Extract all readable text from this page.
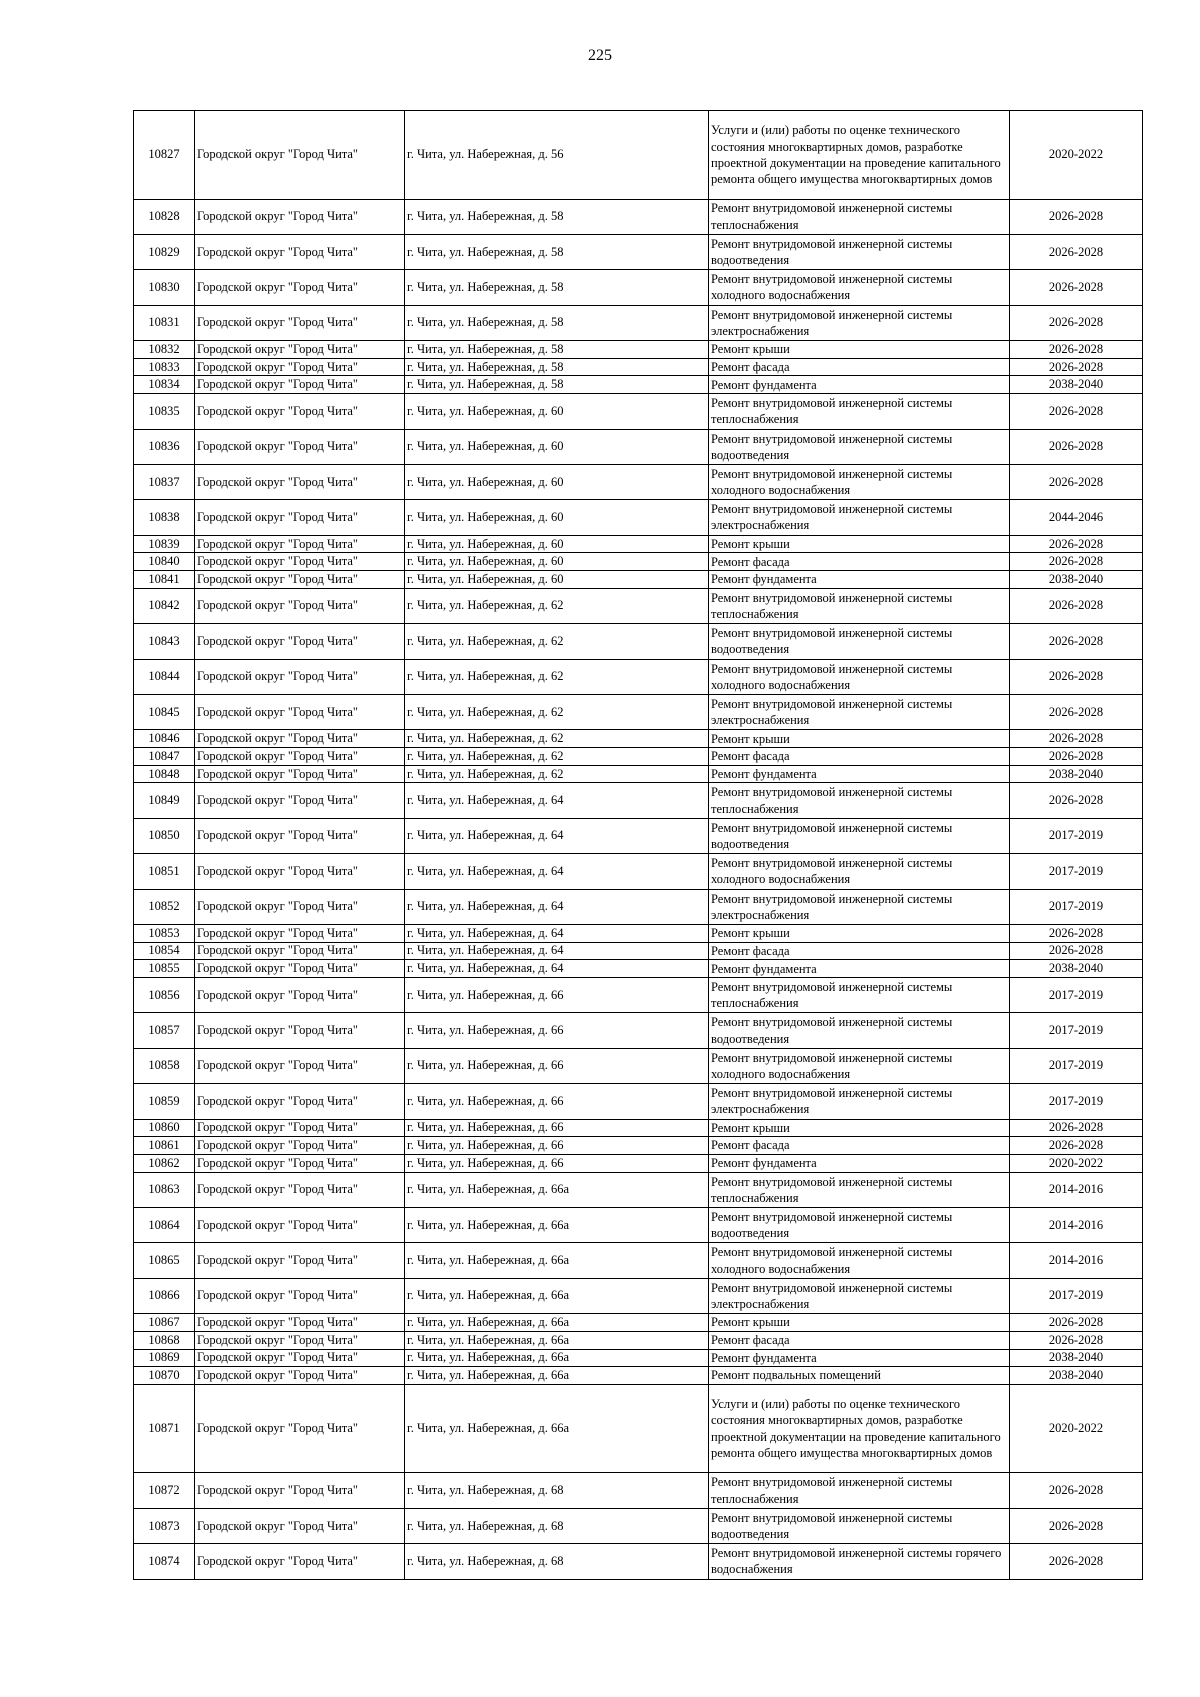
225
10827	Городской округ "Город Чита"	г. Чита, ул. Набережная, д. 56	Услуги и (или) работы по оценке технического состояния многоквартирных домов, разработке проектной документации на проведение капитального ремонта общего имущества многоквартирных домов	2020-2022
10828	Городской округ "Город Чита"	г. Чита, ул. Набережная, д. 58	Ремонт внутридомовой инженерной системы теплоснабжения	2026-2028
10829	Городской округ "Город Чита"	г. Чита, ул. Набережная, д. 58	Ремонт внутридомовой инженерной системы водоотведения	2026-2028
10830	Городской округ "Город Чита"	г. Чита, ул. Набережная, д. 58	Ремонт внутридомовой инженерной системы холодного водоснабжения	2026-2028
10831	Городской округ "Город Чита"	г. Чита, ул. Набережная, д. 58	Ремонт внутридомовой инженерной системы электроснабжения	2026-2028
10832	Городской округ "Город Чита"	г. Чита, ул. Набережная, д. 58	Ремонт крыши	2026-2028
10833	Городской округ "Город Чита"	г. Чита, ул. Набережная, д. 58	Ремонт фасада	2026-2028
10834	Городской округ "Город Чита"	г. Чита, ул. Набережная, д. 58	Ремонт фундамента	2038-2040
10835	Городской округ "Город Чита"	г. Чита, ул. Набережная, д. 60	Ремонт внутридомовой инженерной системы теплоснабжения	2026-2028
10836	Городской округ "Город Чита"	г. Чита, ул. Набережная, д. 60	Ремонт внутридомовой инженерной системы водоотведения	2026-2028
10837	Городской округ "Город Чита"	г. Чита, ул. Набережная, д. 60	Ремонт внутридомовой инженерной системы холодного водоснабжения	2026-2028
10838	Городской округ "Город Чита"	г. Чита, ул. Набережная, д. 60	Ремонт внутридомовой инженерной системы электроснабжения	2044-2046
10839	Городской округ "Город Чита"	г. Чита, ул. Набережная, д. 60	Ремонт крыши	2026-2028
10840	Городской округ "Город Чита"	г. Чита, ул. Набережная, д. 60	Ремонт фасада	2026-2028
10841	Городской округ "Город Чита"	г. Чита, ул. Набережная, д. 60	Ремонт фундамента	2038-2040
10842	Городской округ "Город Чита"	г. Чита, ул. Набережная, д. 62	Ремонт внутридомовой инженерной системы теплоснабжения	2026-2028
10843	Городской округ "Город Чита"	г. Чита, ул. Набережная, д. 62	Ремонт внутридомовой инженерной системы водоотведения	2026-2028
10844	Городской округ "Город Чита"	г. Чита, ул. Набережная, д. 62	Ремонт внутридомовой инженерной системы холодного водоснабжения	2026-2028
10845	Городской округ "Город Чита"	г. Чита, ул. Набережная, д. 62	Ремонт внутридомовой инженерной системы электроснабжения	2026-2028
10846	Городской округ "Город Чита"	г. Чита, ул. Набережная, д. 62	Ремонт крыши	2026-2028
10847	Городской округ "Город Чита"	г. Чита, ул. Набережная, д. 62	Ремонт фасада	2026-2028
10848	Городской округ "Город Чита"	г. Чита, ул. Набережная, д. 62	Ремонт фундамента	2038-2040
10849	Городской округ "Город Чита"	г. Чита, ул. Набережная, д. 64	Ремонт внутридомовой инженерной системы теплоснабжения	2026-2028
10850	Городской округ "Город Чита"	г. Чита, ул. Набережная, д. 64	Ремонт внутридомовой инженерной системы водоотведения	2017-2019
10851	Городской округ "Город Чита"	г. Чита, ул. Набережная, д. 64	Ремонт внутридомовой инженерной системы холодного водоснабжения	2017-2019
10852	Городской округ "Город Чита"	г. Чита, ул. Набережная, д. 64	Ремонт внутридомовой инженерной системы электроснабжения	2017-2019
10853	Городской округ "Город Чита"	г. Чита, ул. Набережная, д. 64	Ремонт крыши	2026-2028
10854	Городской округ "Город Чита"	г. Чита, ул. Набережная, д. 64	Ремонт фасада	2026-2028
10855	Городской округ "Город Чита"	г. Чита, ул. Набережная, д. 64	Ремонт фундамента	2038-2040
10856	Городской округ "Город Чита"	г. Чита, ул. Набережная, д. 66	Ремонт внутридомовой инженерной системы теплоснабжения	2017-2019
10857	Городской округ "Город Чита"	г. Чита, ул. Набережная, д. 66	Ремонт внутридомовой инженерной системы водоотведения	2017-2019
10858	Городской округ "Город Чита"	г. Чита, ул. Набережная, д. 66	Ремонт внутридомовой инженерной системы холодного водоснабжения	2017-2019
10859	Городской округ "Город Чита"	г. Чита, ул. Набережная, д. 66	Ремонт внутридомовой инженерной системы электроснабжения	2017-2019
10860	Городской округ "Город Чита"	г. Чита, ул. Набережная, д. 66	Ремонт крыши	2026-2028
10861	Городской округ "Город Чита"	г. Чита, ул. Набережная, д. 66	Ремонт фасада	2026-2028
10862	Городской округ "Город Чита"	г. Чита, ул. Набережная, д. 66	Ремонт фундамента	2020-2022
10863	Городской округ "Город Чита"	г. Чита, ул. Набережная, д. 66а	Ремонт внутридомовой инженерной системы теплоснабжения	2014-2016
10864	Городской округ "Город Чита"	г. Чита, ул. Набережная, д. 66а	Ремонт внутридомовой инженерной системы водоотведения	2014-2016
10865	Городской округ "Город Чита"	г. Чита, ул. Набережная, д. 66а	Ремонт внутридомовой инженерной системы холодного водоснабжения	2014-2016
10866	Городской округ "Город Чита"	г. Чита, ул. Набережная, д. 66а	Ремонт внутридомовой инженерной системы электроснабжения	2017-2019
10867	Городской округ "Город Чита"	г. Чита, ул. Набережная, д. 66а	Ремонт крыши	2026-2028
10868	Городской округ "Город Чита"	г. Чита, ул. Набережная, д. 66а	Ремонт фасада	2026-2028
10869	Городской округ "Город Чита"	г. Чита, ул. Набережная, д. 66а	Ремонт фундамента	2038-2040
10870	Городской округ "Город Чита"	г. Чита, ул. Набережная, д. 66а	Ремонт подвальных помещений	2038-2040
10871	Городской округ "Город Чита"	г. Чита, ул. Набережная, д. 66а	Услуги и (или) работы по оценке технического состояния многоквартирных домов, разработке проектной документации на проведение капитального ремонта общего имущества многоквартирных домов	2020-2022
10872	Городской округ "Город Чита"	г. Чита, ул. Набережная, д. 68	Ремонт внутридомовой инженерной системы теплоснабжения	2026-2028
10873	Городской округ "Город Чита"	г. Чита, ул. Набережная, д. 68	Ремонт внутридомовой инженерной системы водоотведения	2026-2028
10874	Городской округ "Город Чита"	г. Чита, ул. Набережная, д. 68	Ремонт внутридомовой инженерной системы горячего водоснабжения	2026-2028
